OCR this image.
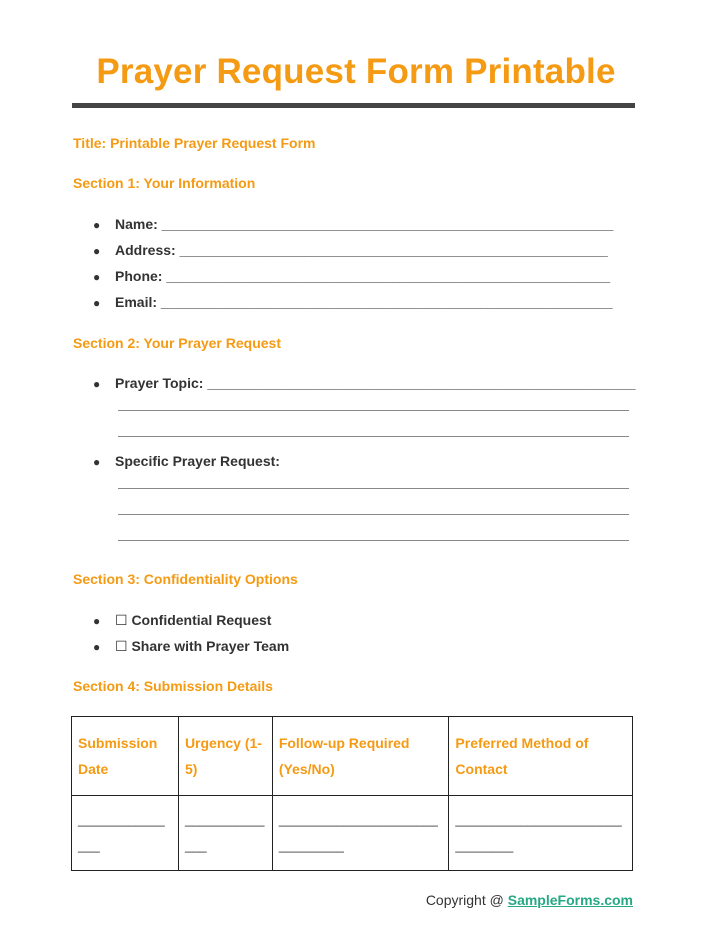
Prayer Request Form Printable
Title: Printable Prayer Request Form
Section 1: Your Information
● Name: __________________________________________________________
● Address: _______________________________________________________
● Phone: _________________________________________________________
● Email: __________________________________________________________
Section 2: Your Prayer Request
● Prayer Topic: _______________________________________________________
● Specific Prayer Request:
Section 3: Confidentiality Options
● ☐ Confidential Request
● ☐ Share with Prayer Team
Section 4: Submission Details
Submission Date	Urgency (1-5)	Follow-up Required (Yes/No)	Preferred Method of Contact
_______________	______________	_______________________________	_______________________________
Copyright @ SampleForms.com
